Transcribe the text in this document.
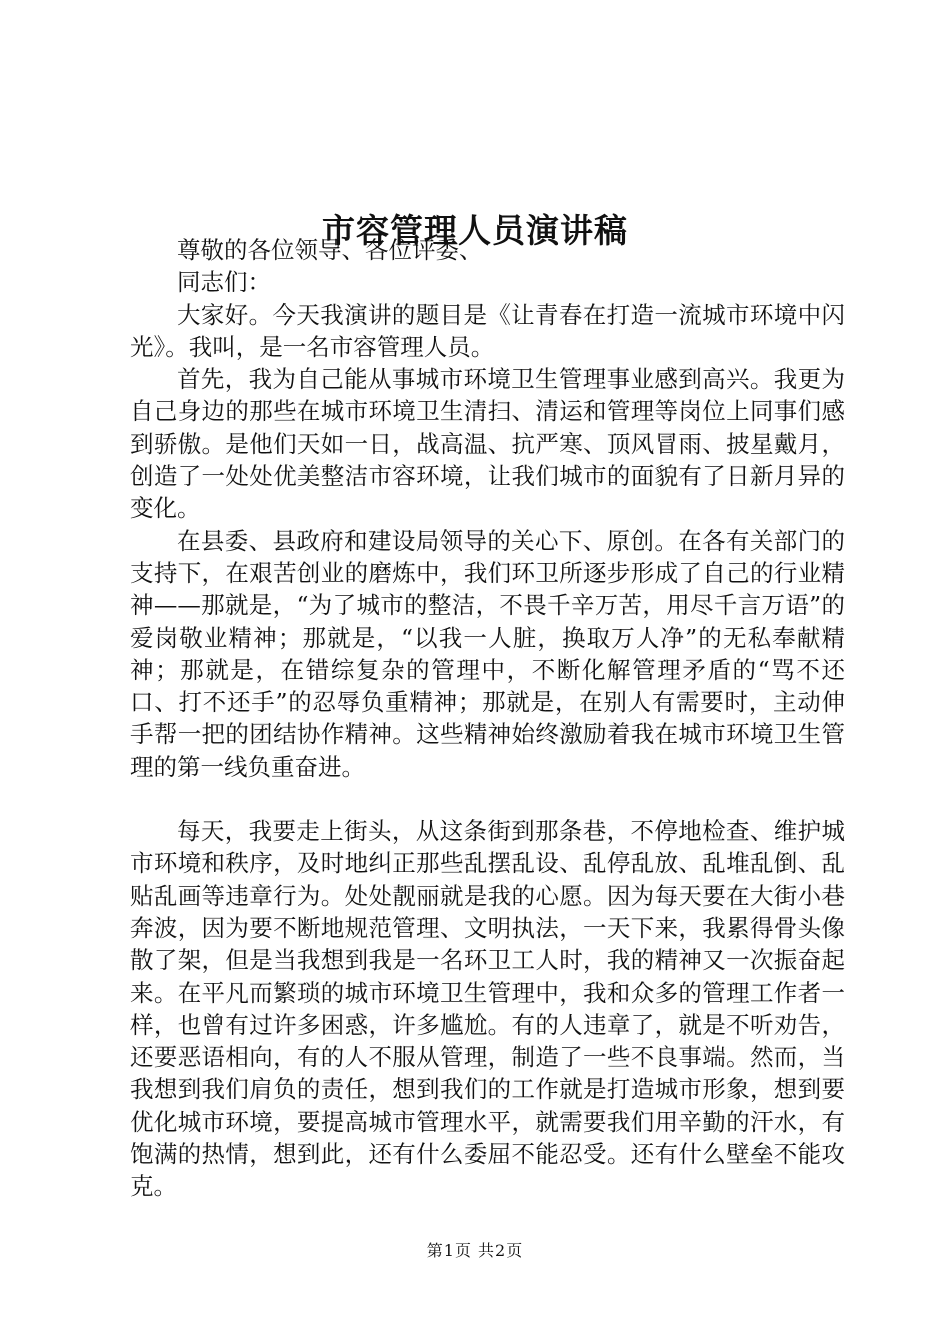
市容管理人员演讲稿

尊敬的各位领导、各位评委、

同志们：

大家好。今天我演讲的题目是《让青春在打造一流城市环境中闪光》。我叫，是一名市容管理人员。

首先，我为自己能从事城市环境卫生管理事业感到高兴。我更为自己身边的那些在城市环境卫生清扫、清运和管理等岗位上同事们感到骄傲。是他们天如一日，战高温、抗严寒、顶风冒雨、披星戴月，创造了一处处优美整洁市容环境，让我们城市的面貌有了日新月异的变化。

在县委、县政府和建设局领导的关心下、原创。在各有关部门的支持下，在艰苦创业的磨炼中，我们环卫所逐步形成了自己的行业精神——那就是，“为了城市的整洁，不畏千辛万苦，用尽千言万语”的爱岗敬业精神；那就是，“以我一人脏，换取万人净”的无私奉献精神；那就是，在错综复杂的管理中，不断化解管理矛盾的“骂不还口、打不还手”的忍辱负重精神；那就是，在别人有需要时，主动伸手帮一把的团结协作精神。这些精神始终激励着我在城市环境卫生管理的第一线负重奋进。

每天，我要走上街头，从这条街到那条巷，不停地检查、维护城市环境和秩序，及时地纠正那些乱摆乱设、乱停乱放、乱堆乱倒、乱贴乱画等违章行为。处处靓丽就是我的心愿。因为每天要在大街小巷奔波，因为要不断地规范管理、文明执法，一天下来，我累得骨头像散了架，但是当我想到我是一名环卫工人时，我的精神又一次振奋起来。在平凡而繁琐的城市环境卫生管理中，我和众多的管理工作者一样，也曾有过许多困惑，许多尴尬。有的人违章了，就是不听劝告，还要恶语相向，有的人不服从管理，制造了一些不良事端。然而，当我想到我们肩负的责任，想到我们的工作就是打造城市形象，想到要优化城市环境，要提高城市管理水平，就需要我们用辛勤的汗水，有饱满的热情，想到此，还有什么委屈不能忍受。还有什么壁垒不能攻克。

第1页 共2页
